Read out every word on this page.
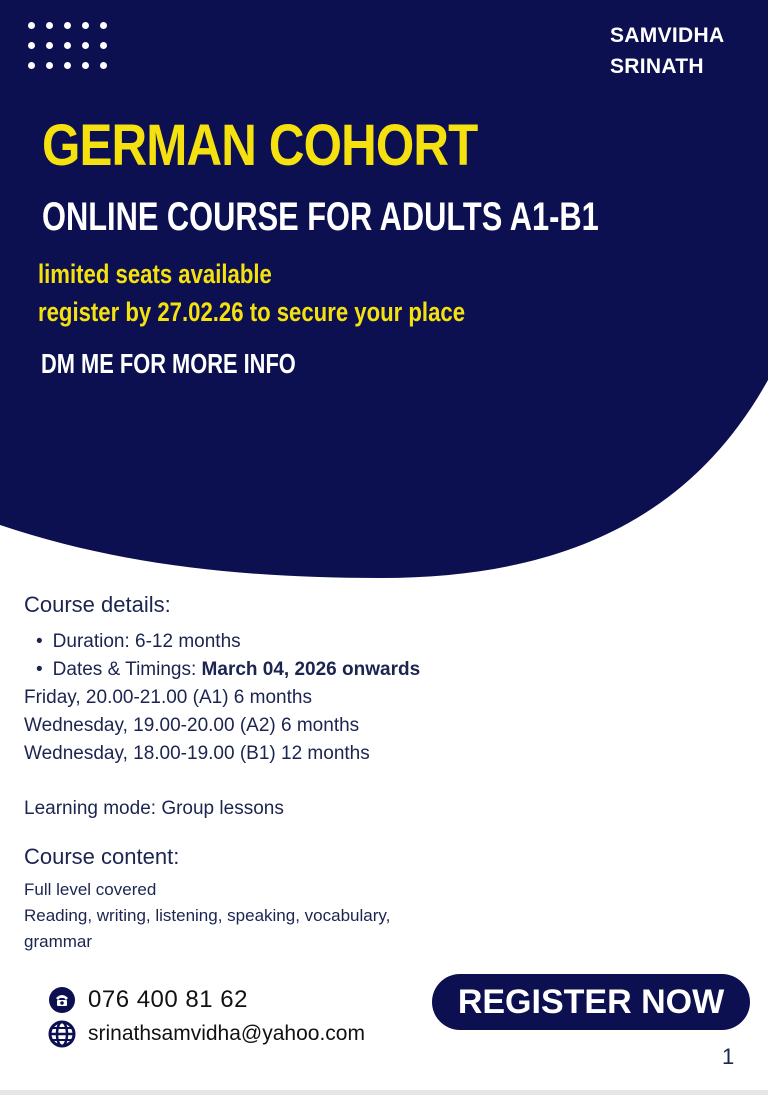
SAMVIDHA
SRINATH
GERMAN COHORT
ONLINE COURSE FOR ADULTS A1-B1
limited seats available
register by 27.02.26 to secure your place
DM ME FOR MORE INFO
Course details:
• Duration: 6-12 months
• Dates & Timings: March 04, 2026 onwards
Friday, 20.00-21.00 (A1) 6 months
Wednesday, 19.00-20.00 (A2) 6 months
Wednesday, 18.00-19.00 (B1) 12 months
Learning mode: Group lessons
Course content:
Full level covered
Reading, writing, listening, speaking, vocabulary,
grammar
076 400 81 62
srinathsamvidha@yahoo.com
REGISTER NOW
1
